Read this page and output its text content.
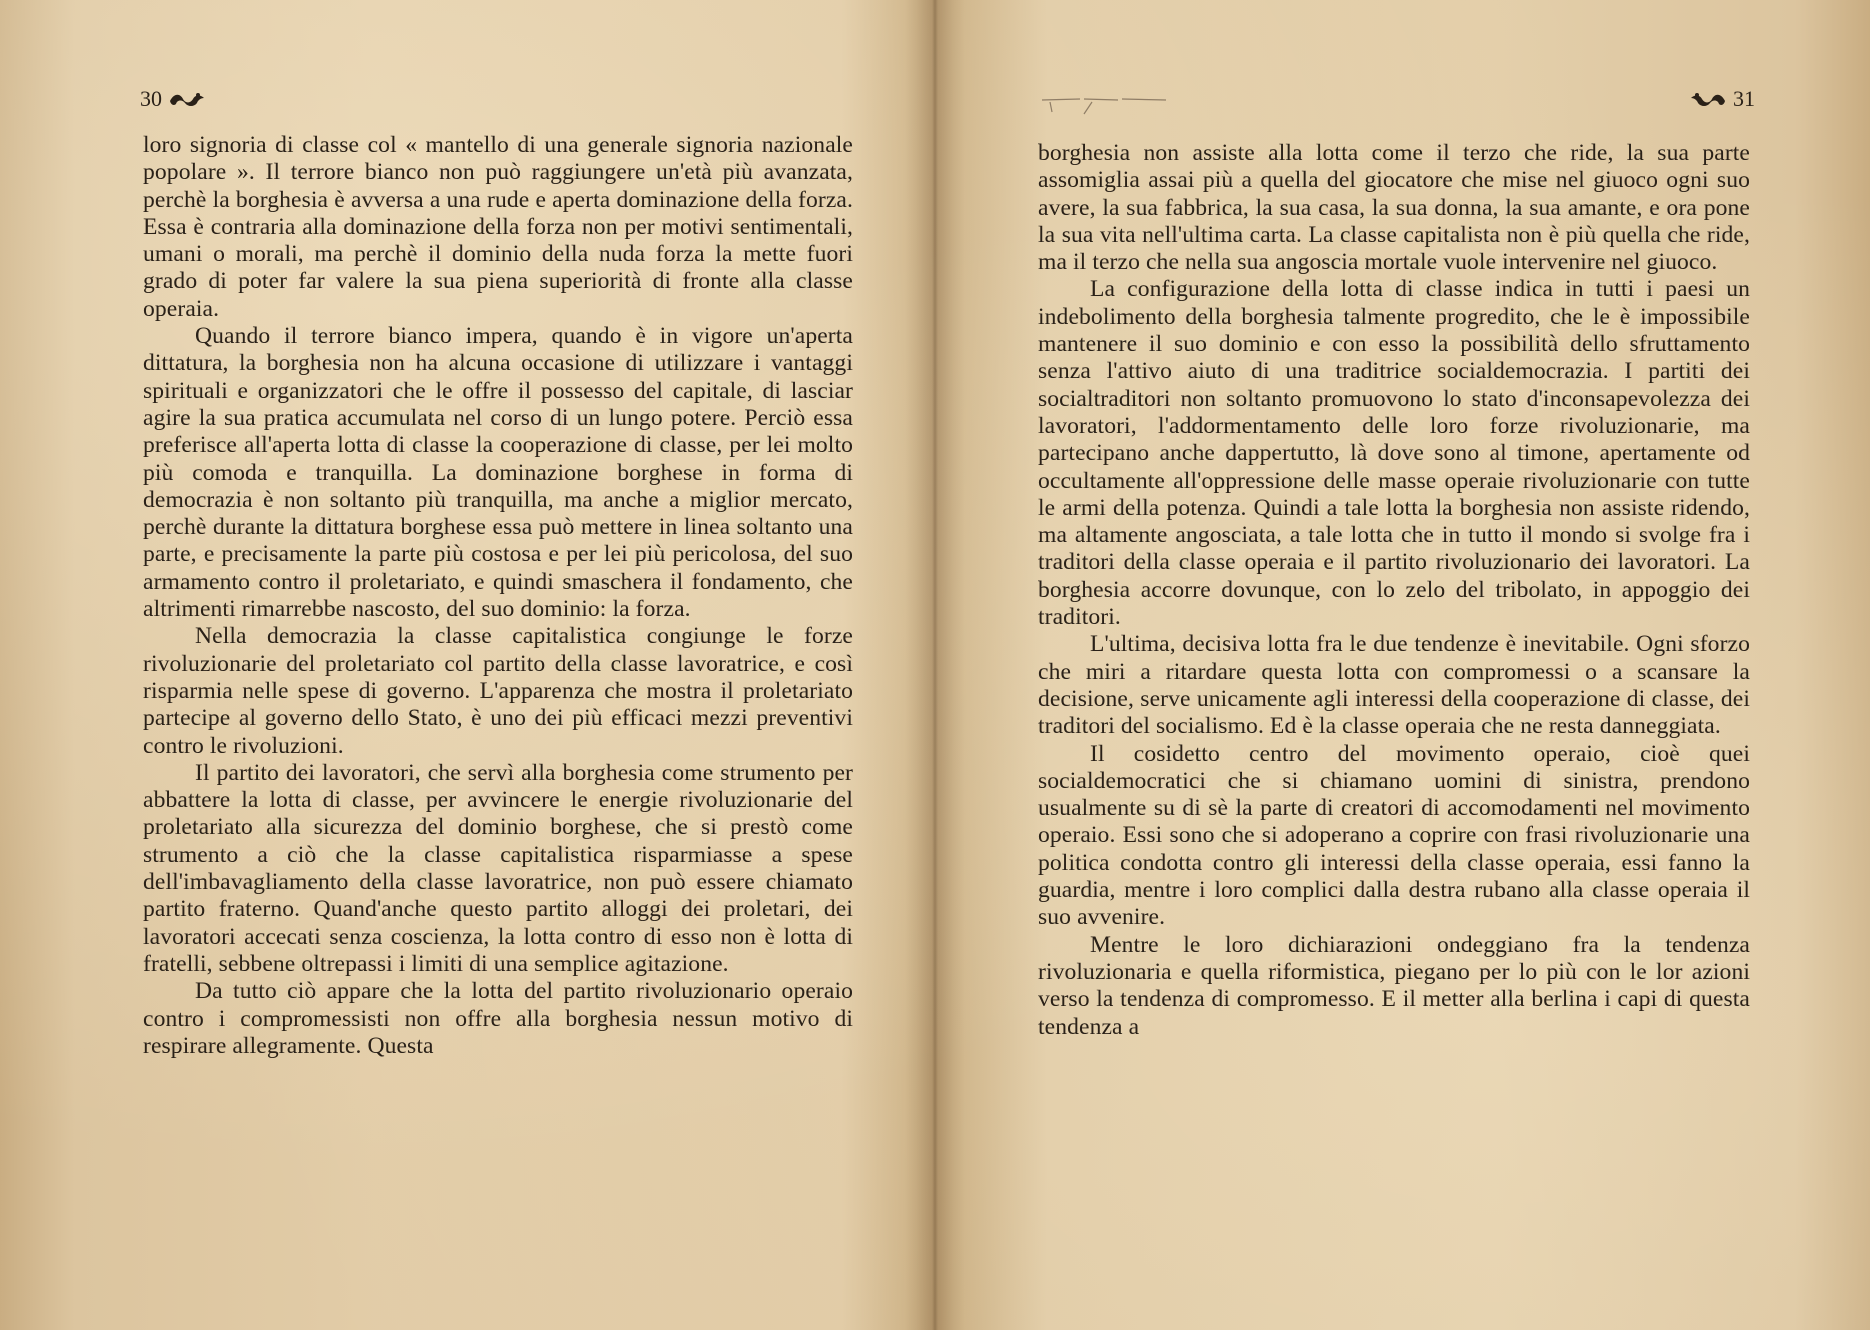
30

loro signoria di classe col « mantello di una generale signoria nazionale popolare ». Il terrore bianco non può raggiungere un'età più avanzata, perchè la borghesia è avversa a una rude e aperta dominazione della forza. Essa è contraria alla dominazione della forza non per motivi sentimentali, umani o morali, ma perchè il dominio della nuda forza la mette fuori grado di poter far valere la sua piena superiorità di fronte alla classe operaia.

Quando il terrore bianco impera, quando è in vigore un'aperta dittatura, la borghesia non ha alcuna occasione di utilizzare i vantaggi spirituali e organizzatori che le offre il possesso del capitale, di lasciar agire la sua pratica accumulata nel corso di un lungo potere. Perciò essa preferisce all'aperta lotta di classe la cooperazione di classe, per lei molto più comoda e tranquilla. La dominazione borghese in forma di democrazia è non soltanto più tranquilla, ma anche a miglior mercato, perchè durante la dittatura borghese essa può mettere in linea soltanto una parte, e precisamente la parte più costosa e per lei più pericolosa, del suo armamento contro il proletariato, e quindi smaschera il fondamento, che altrimenti rimarrebbe nascosto, del suo dominio: la forza.

Nella democrazia la classe capitalistica congiunge le forze rivoluzionarie del proletariato col partito della classe lavoratrice, e così risparmia nelle spese di governo. L'apparenza che mostra il proletariato partecipe al governo dello Stato, è uno dei più efficaci mezzi preventivi contro le rivoluzioni.

Il partito dei lavoratori, che servì alla borghesia come strumento per abbattere la lotta di classe, per avvincere le energie rivoluzionarie del proletariato alla sicurezza del dominio borghese, che si prestò come strumento a ciò che la classe capitalistica risparmiasse a spese dell'imbavagliamento della classe lavoratrice, non può essere chiamato partito fraterno. Quand'anche questo partito alloggi dei proletari, dei lavoratori accecati senza coscienza, la lotta contro di esso non è lotta di fratelli, sebbene oltrepassi i limiti di una semplice agitazione.

Da tutto ciò appare che la lotta del partito rivoluzionario operaio contro i compromessisti non offre alla borghesia nessun motivo di respirare allegramente. Questa

31

borghesia non assiste alla lotta come il terzo che ride, la sua parte assomiglia assai più a quella del giocatore che mise nel giuoco ogni suo avere, la sua fabbrica, la sua casa, la sua donna, la sua amante, e ora pone la sua vita nell'ultima carta. La classe capitalista non è più quella che ride, ma il terzo che nella sua angoscia mortale vuole intervenire nel giuoco.

La configurazione della lotta di classe indica in tutti i paesi un indebolimento della borghesia talmente progredito, che le è impossibile mantenere il suo dominio e con esso la possibilità dello sfruttamento senza l'attivo aiuto di una traditrice socialdemocrazia. I partiti dei socialtraditori non soltanto promuovono lo stato d'inconsapevolezza dei lavoratori, l'addormentamento delle loro forze rivoluzionarie, ma partecipano anche dappertutto, là dove sono al timone, apertamente od occultamente all'oppressione delle masse operaie rivoluzionarie con tutte le armi della potenza. Quindi a tale lotta la borghesia non assiste ridendo, ma altamente angosciata, a tale lotta che in tutto il mondo si svolge fra i traditori della classe operaia e il partito rivoluzionario dei lavoratori. La borghesia accorre dovunque, con lo zelo del tribolato, in appoggio dei traditori.

L'ultima, decisiva lotta fra le due tendenze è inevitabile. Ogni sforzo che miri a ritardare questa lotta con compromessi o a scansare la decisione, serve unicamente agli interessi della cooperazione di classe, dei traditori del socialismo. Ed è la classe operaia che ne resta danneggiata.

Il cosidetto centro del movimento operaio, cioè quei socialdemocratici che si chiamano uomini di sinistra, prendono usualmente su di sè la parte di creatori di accomodamenti nel movimento operaio. Essi sono che si adoperano a coprire con frasi rivoluzionarie una politica condotta contro gli interessi della classe operaia, essi fanno la guardia, mentre i loro complici dalla destra rubano alla classe operaia il suo avvenire.

Mentre le loro dichiarazioni ondeggiano fra la tendenza rivoluzionaria e quella riformistica, piegano per lo più con le lor azioni verso la tendenza di compromesso. E il metter alla berlina i capi di questa tendenza a
